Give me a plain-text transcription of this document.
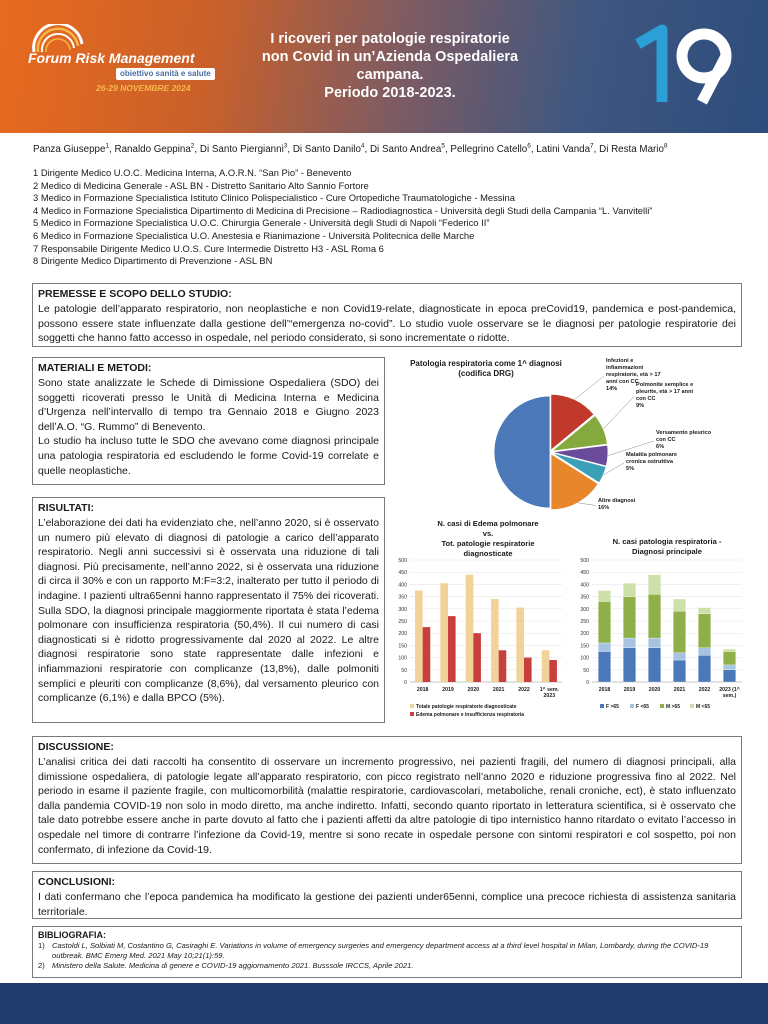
Forum Risk Management
obiettivo sanità e salute
26-29 NOVEMBRE 2024
I ricoveri per patologie respiratorie
non Covid in un’Azienda Ospedaliera
campana.
Periodo 2018-2023.
19
Panza Giuseppe$^1$, Ranaldo Geppina$^2$, Di Santo Piergianni$^3$, Di Santo Danilo$^4$, Di Santo Andrea$^5$, Pellegrino Catello$^6$, Latini Vanda$^7$, Di Resta Mario$^8$
1 Dirigente Medico U.O.C. Medicina Interna, A.O.R.N. “San Pio” - Benevento
2 Medico di Medicina Generale - ASL BN - Distretto Sanitario Alto Sannio Fortore
3 Medico in Formazione Specialistica Istituto Clinico Polispecialistico - Cure Ortopediche Traumatologiche - Messina
4 Medico in Formazione Specialistica Dipartimento di Medicina di Precisione – Radiodiagnostica - Università degli Studi della Campania “L. Vanvitelli”
5 Medico in Formazione Specialistica U.O.C. Chirurgia Generale - Università degli Studi di Napoli “Federico II”
6 Medico in Formazione Specialistica U.O. Anestesia e Rianimazione - Università Politecnica delle Marche
7 Responsabile Dirigente Medico U.O.S. Cure Intermedie Distretto H3 - ASL Roma 6
8 Dirigente Medico Dipartimento di Prevenzione - ASL BN
PREMESSE E SCOPO DELLO STUDIO:
Le patologie dell’apparato respiratorio, non neoplastiche e non Covid19-relate, diagnosticate in epoca preCovid19, pandemica e post-pandemica, possono essere state influenzate dalla gestione dell’“emergenza no-covid”. Lo studio vuole osservare se le diagnosi per patologie respiratorie dei soggetti che hanno fatto accesso in ospedale, nel periodo considerato, si sono incrementate o ridotte.
MATERIALI E METODI:
Sono state analizzate le Schede di Dimissione Ospedaliera (SDO) dei soggetti ricoverati presso le Unità di Medicina Interna e Medicina d’Urgenza nell’intervallo di tempo tra Gennaio 2018 e Giugno 2023 dell’A.O. “G. Rummo” di Benevento.
Lo studio ha incluso tutte le SDO che avevano come diagnosi principale una patologia respiratoria ed escludendo le forme Covid-19 correlate e quelle neoplastiche.
RISULTATI:
L’elaborazione dei dati ha evidenziato che, nell’anno 2020, si è osservato un numero più elevato di diagnosi di patologie a carico dell’apparato respiratorio. Negli anni successivi si è osservata una riduzione di tali diagnosi. Più precisamente, nell’anno 2022, si è osservata una riduzione di circa il 30% e con un rapporto M:F=3:2, inalterato per tutto il periodo di indagine. I pazienti ultra65enni hanno rappresentato il 75% dei ricoverati. Sulla SDO, la diagnosi principale maggiormente riportata è stata l’edema polmonare con insufficienza respiratoria (50,4%). Il cui numero di casi diagnosticati si è ridotto progressivamente dal 2020 al 2022. Le altre diagnosi respiratorie sono state rappresentate dalle infezioni e infiammazioni respiratorie con complicanze (13,8%), dalle polmoniti semplici e pleuriti con complicanze (8,6%), dal versamento pleurico con complicanze (6,1%) e dalla BPCO (5%).
DISCUSSIONE:
L’analisi critica dei dati raccolti ha consentito di osservare un incremento progressivo, nei pazienti fragili, del numero di diagnosi principali, alla dimissione ospedaliera, di patologie legate all’apparato respiratorio, con picco registrato nell’anno 2020 e riduzione progressiva fino al 2022. Nel periodo in esame il paziente fragile, con multicomorbilità (malattie respiratorie, cardiovascolari, metaboliche, renali croniche, ect), è stato influenzato dalla pandemia COVID-19 non solo in modo diretto, ma anche indiretto. Infatti, secondo quanto riportato in letteratura scientifica, si è osservato che tale dato potrebbe essere anche in parte dovuto al fatto che i pazienti affetti da altre patologie di tipo internistico hanno ritardato o evitato l’accesso in ospedale nel timore di contrarre l’infezione da Covid-19, mentre si sono recate in ospedale persone con sintomi respiratori e col sospetto, poi non confermato, di infezione da Covid-19.
CONCLUSIONI:
I dati confermano che l’epoca pandemica ha modificato la gestione dei pazienti under65enni, complice una precoce richiesta di assistenza sanitaria territoriale.
BIBLIOGRAFIA:
1) Castoldi L, Solbiati M, Costantino G, Casiraghi E. Variations in volume of emergency surgeries and emergency department access at a third level hospital in Milan, Lombardy, during the COVID-19 outbreak. BMC Emerg Med. 2021 May 10;21(1):59.
2) Ministero della Salute. Medicina di genere e COVID-19 aggiornamento 2021. Busssole IRCCS, Aprile 2021.
Patologia respiratoria come 1^ diagnosi
(codifica DRG)
Edema polmonare e
insufficienza
respiratoria
50%
Infezioni e
infiammazioni
respiratorie, età > 17
anni con CC
14%
Polmonite semplice e
pleurite, età > 17 anni
con CC
9%
Versamento pleurico
con CC
6%
Malattia polmonare
cronica ostruttiva
5%
Altre diagnosi
16%
N. casi di Edema polmonare
vs.
Tot. patologie respiratorie
diagnosticate
0
50
100
150
200
250
300
350
400
450
500
2018	2019	2020	2021	2022 1^ sem.
2023
Totale patologie respiratorie diagnosticate
Edema polmonare e insufficienza respiratoria
N. casi patologia respiratoria -
Diagnosi principale
0
50
100
150
200
250
300
350
400
450
500
2018	2019	2020	2021	2022 2023 (1^
sem.)
F >65	F <65	M >65	M <65
